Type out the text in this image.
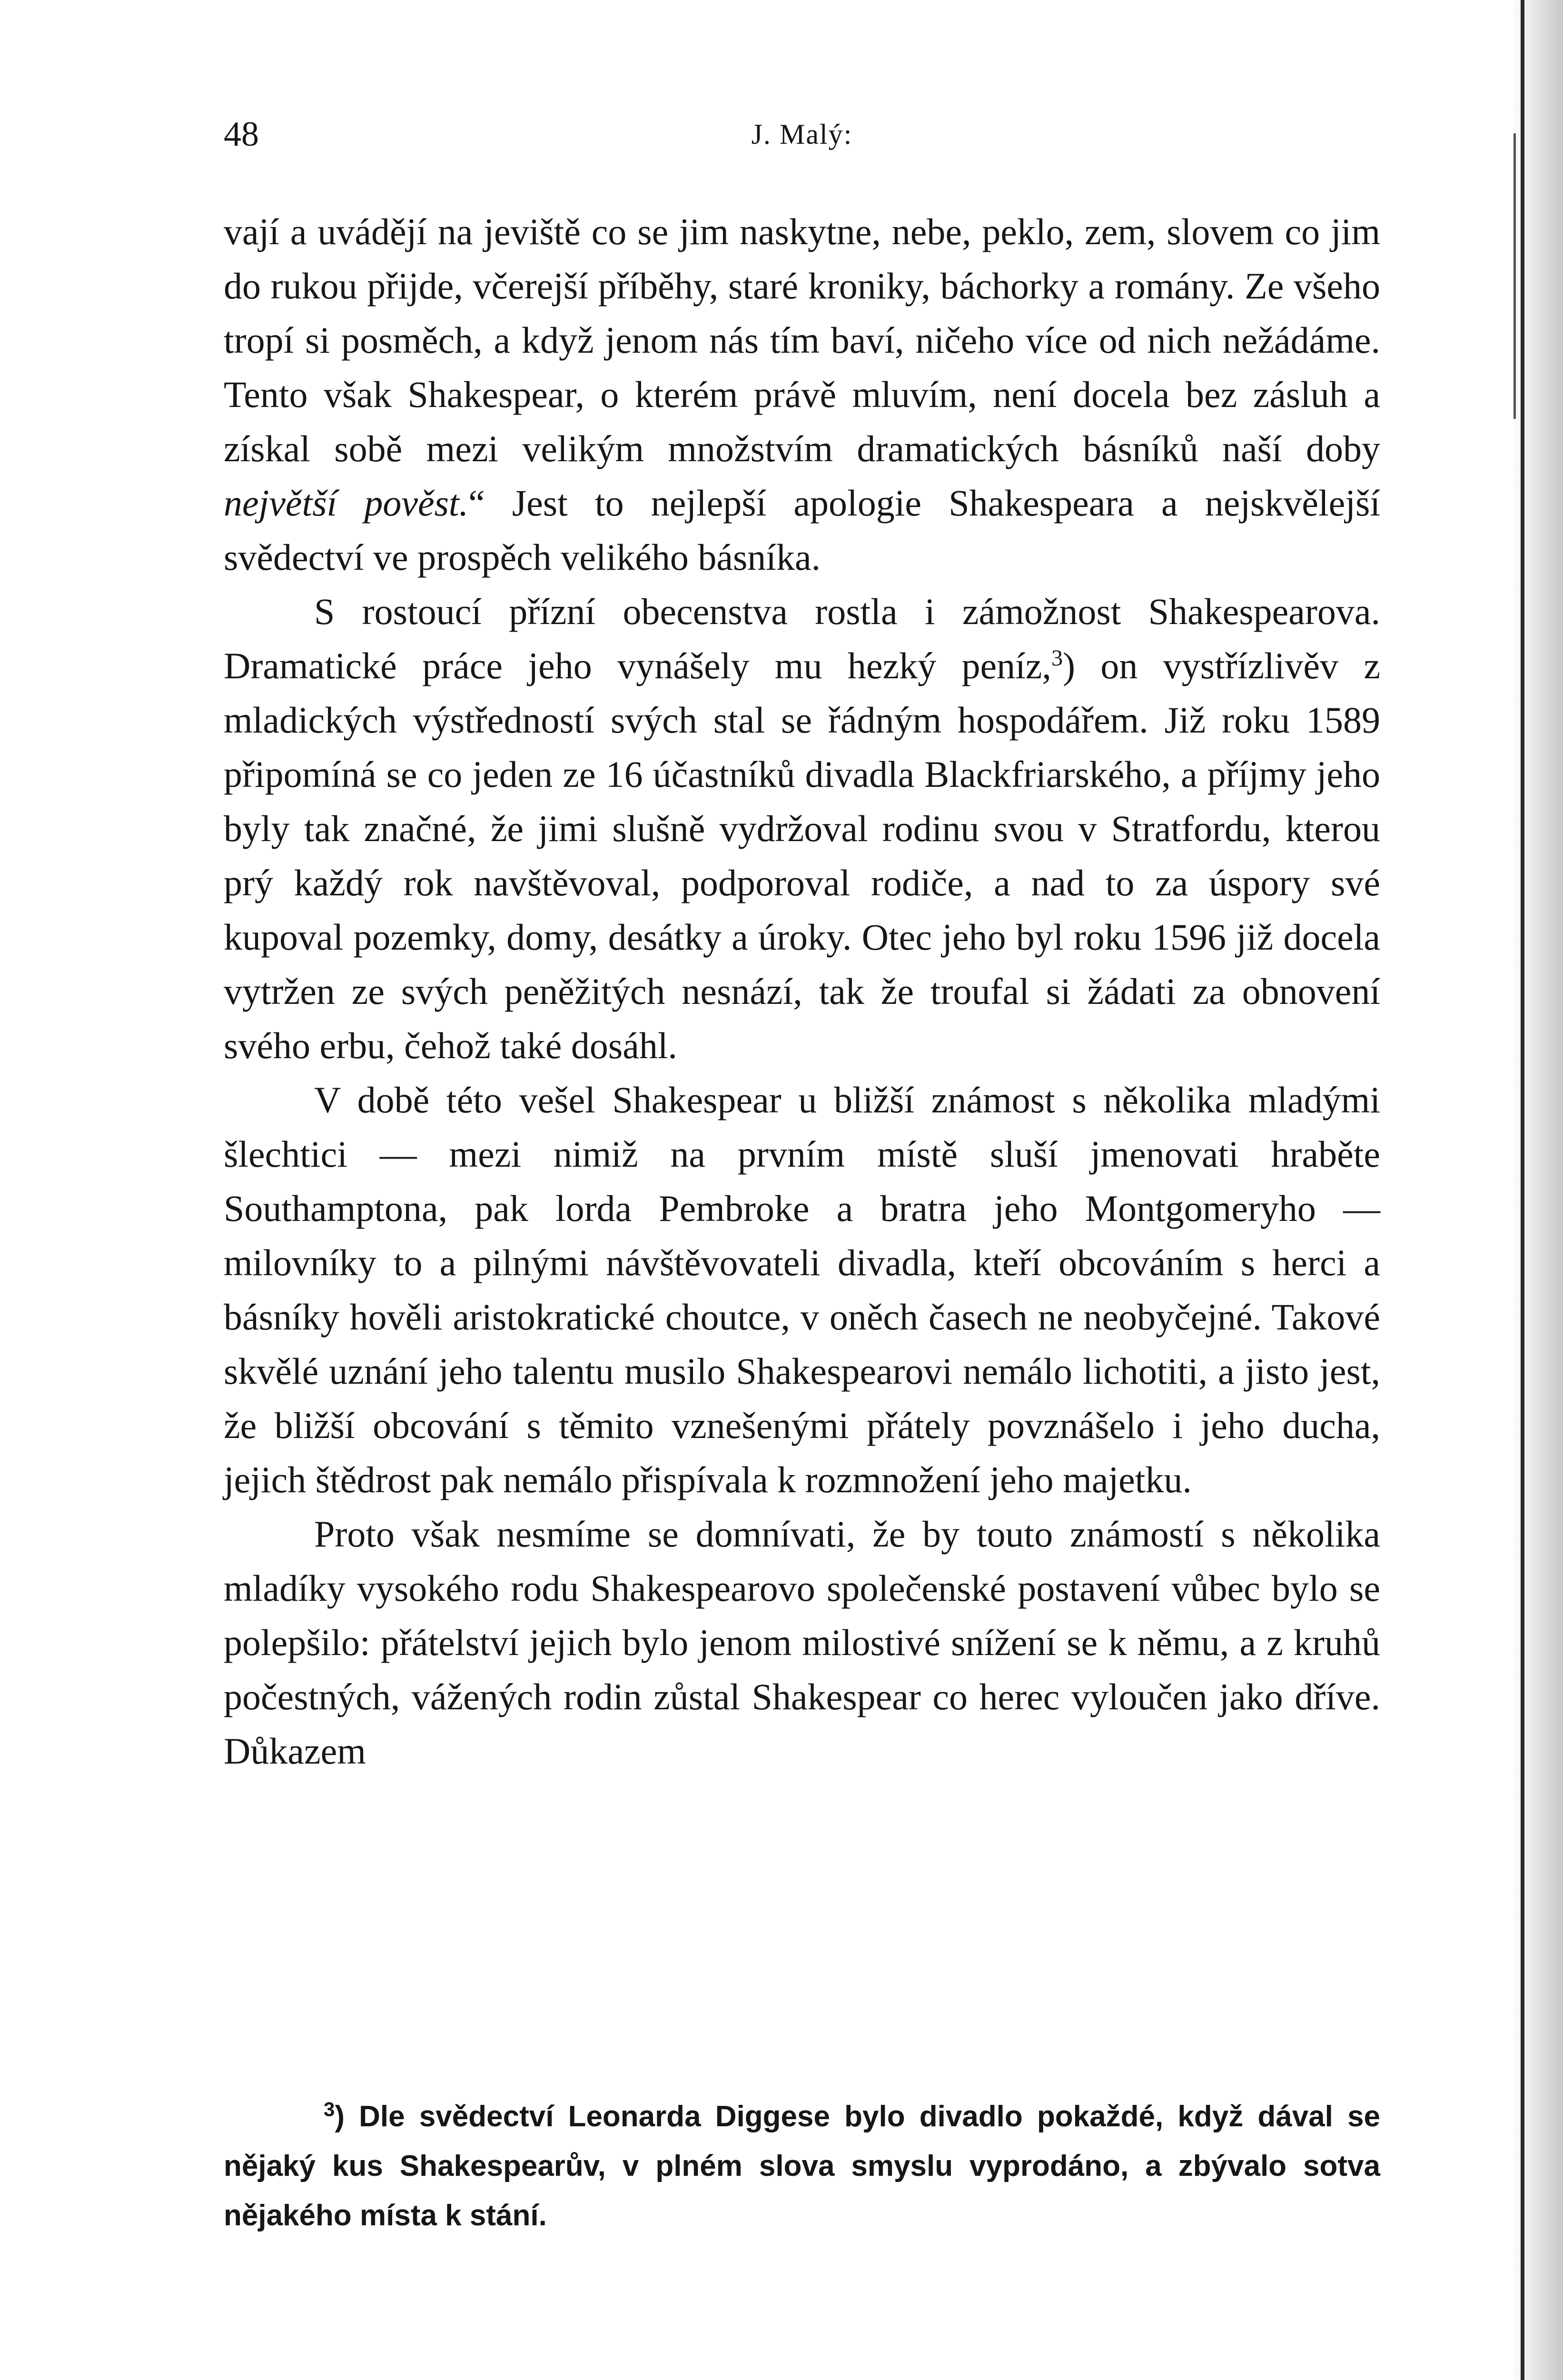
48	J. Malý:

vají a uvádějí na jeviště co se jim naskytne, nebe, peklo, zem, slovem co jim do rukou přijde, včerejší příběhy, staré kroniky, báchorky a romány. Ze všeho tropí si posměch, a když jenom nás tím baví, ničeho více od nich nežádáme. Tento však Shakespear, o kterém právě mluvím, není docela bez zásluh a získal sobě mezi velikým množstvím dramatických básníků naší doby největší pověst.“ Jest to nejlepší apologie Shakespeara a nejskvělejší svědectví ve prospěch velikého básníka.

S rostoucí přízní obecenstva rostla i zámožnost Shakespearova. Dramatické práce jeho vynášely mu hezký peníz,$^3$) on vystřízlivěv z mladických výstředností svých stal se řádným hospodářem. Již roku 1589 připomíná se co jeden ze 16 účastníků divadla Blackfriarského, a příjmy jeho byly tak značné, že jimi slušně vydržoval rodinu svou v Stratfordu, kterou prý každý rok navštěvoval, podporoval rodiče, a nad to za úspory své kupoval pozemky, domy, desátky a úroky. Otec jeho byl roku 1596 již docela vytržen ze svých peněžitých nesnází, tak že troufal si žádati za obnovení svého erbu, čehož také dosáhl.

V době této vešel Shakespear u bližší známost s několika mladými šlechtici — mezi nimiž na prvním místě sluší jmenovati hraběte Southamptona, pak lorda Pembroke a bratra jeho Montgomeryho — milovníky to a pilnými návštěvovateli divadla, kteří obcováním s herci a básníky hověli aristokratické choutce, v oněch časech ne neobyčejné. Takové skvělé uznání jeho talentu musilo Shakespearovi nemálo lichotiti, a jisto jest, že bližší obcování s těmito vznešenými přátely povznášelo i jeho ducha, jejich štědrost pak nemálo přispívala k rozmnožení jeho majetku.

Proto však nesmíme se domnívati, že by touto známostí s několika mladíky vysokého rodu Shakespearovo společenské postavení vůbec bylo se polepšilo: přátelství jejich bylo jenom milostivé snížení se k němu, a z kruhů počestných, vážených rodin zůstal Shakespear co herec vyloučen jako dříve. Důkazem

$^3$) Dle svědectví Leonarda Diggese bylo divadlo pokaždé, když dával se nějaký kus Shakespearův, v plném slova smyslu vyprodáno, a zbývalo sotva nějakého místa k stání.
